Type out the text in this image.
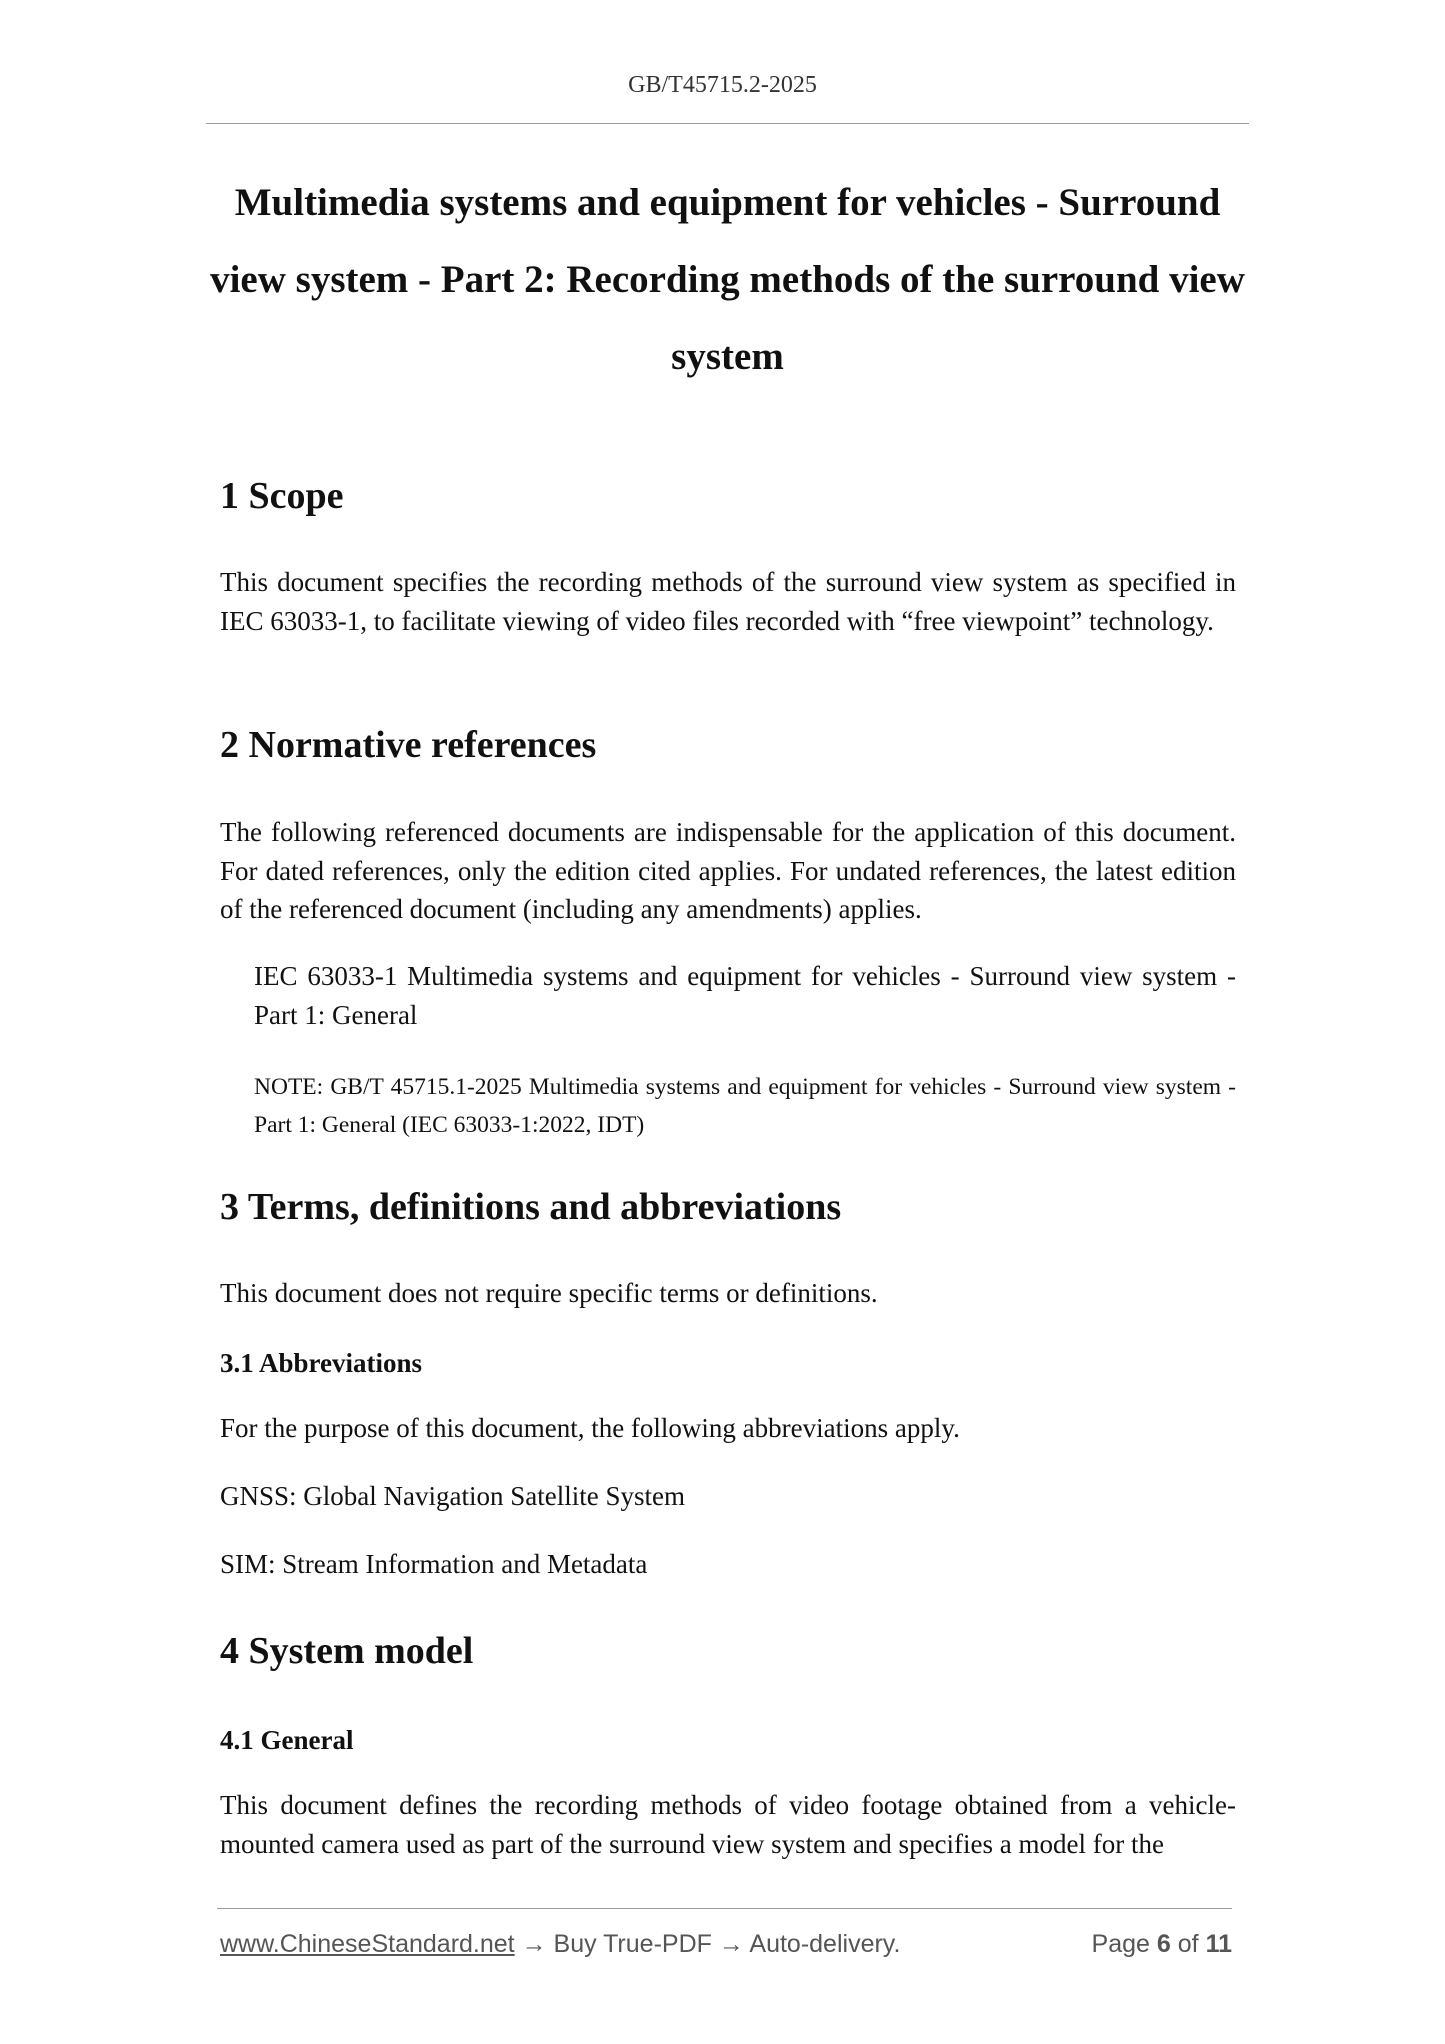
GB/T45715.2-2025
Multimedia systems and equipment for vehicles - Surround view system - Part 2: Recording methods of the surround view system
1 Scope
This document specifies the recording methods of the surround view system as specified in IEC 63033-1, to facilitate viewing of video files recorded with “free viewpoint” technology.
2 Normative references
The following referenced documents are indispensable for the application of this document. For dated references, only the edition cited applies. For undated references, the latest edition of the referenced document (including any amendments) applies.
IEC 63033-1 Multimedia systems and equipment for vehicles - Surround view system - Part 1: General
NOTE: GB/T 45715.1-2025 Multimedia systems and equipment for vehicles - Surround view system - Part 1: General (IEC 63033-1:2022, IDT)
3 Terms, definitions and abbreviations
This document does not require specific terms or definitions.
3.1 Abbreviations
For the purpose of this document, the following abbreviations apply.
GNSS: Global Navigation Satellite System
SIM: Stream Information and Metadata
4 System model
4.1 General
This document defines the recording methods of video footage obtained from a vehicle-mounted camera used as part of the surround view system and specifies a model for the
www.ChineseStandard.net → Buy True-PDF → Auto-delivery.	Page 6 of 11
